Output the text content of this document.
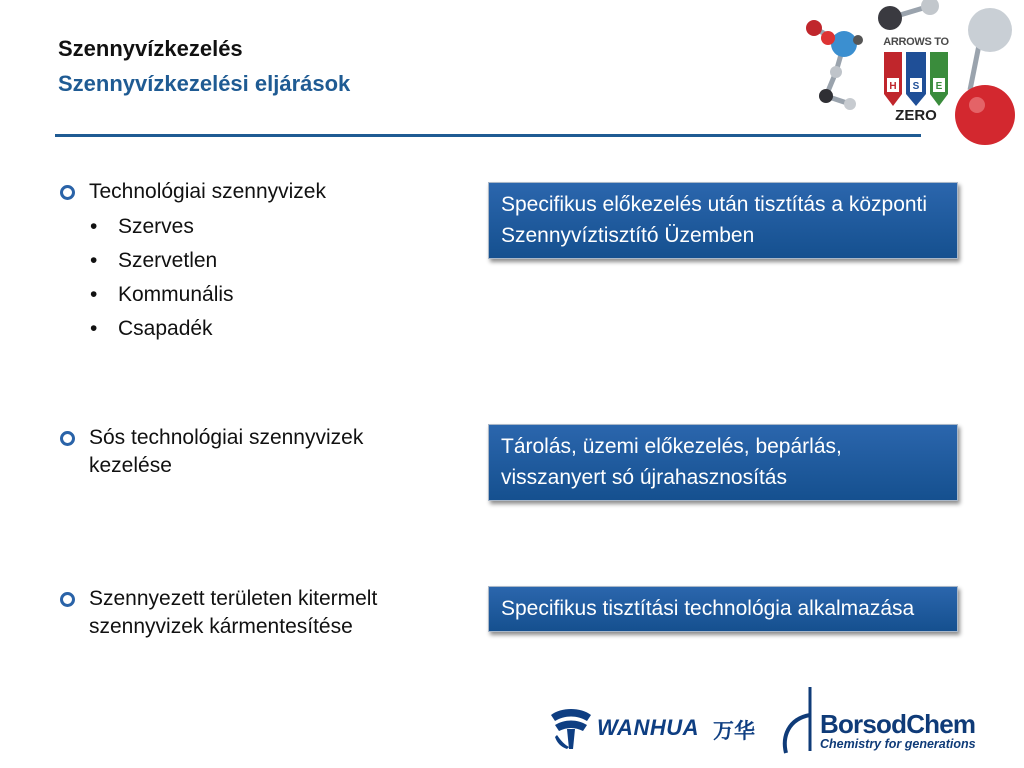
Szennyvízkezelés
Szennyvízkezelési eljárások
ARROWS TO
H S E
ZERO
Technológiai szennyvizek
• Szerves
• Szervetlen
• Kommunális
• Csapadék
Specifikus előkezelés után tisztítás a központi Szennyvíztisztító Üzemben
Sós technológiai szennyvizek kezelése
Tárolás, üzemi előkezelés, bepárlás, visszanyert só újrahasznosítás
Szennyezett területen kitermelt szennyvizek kármentesítése
Specifikus tisztítási technológia alkalmazása
WANHUA 万华	BorsodChem
Chemistry for generations
